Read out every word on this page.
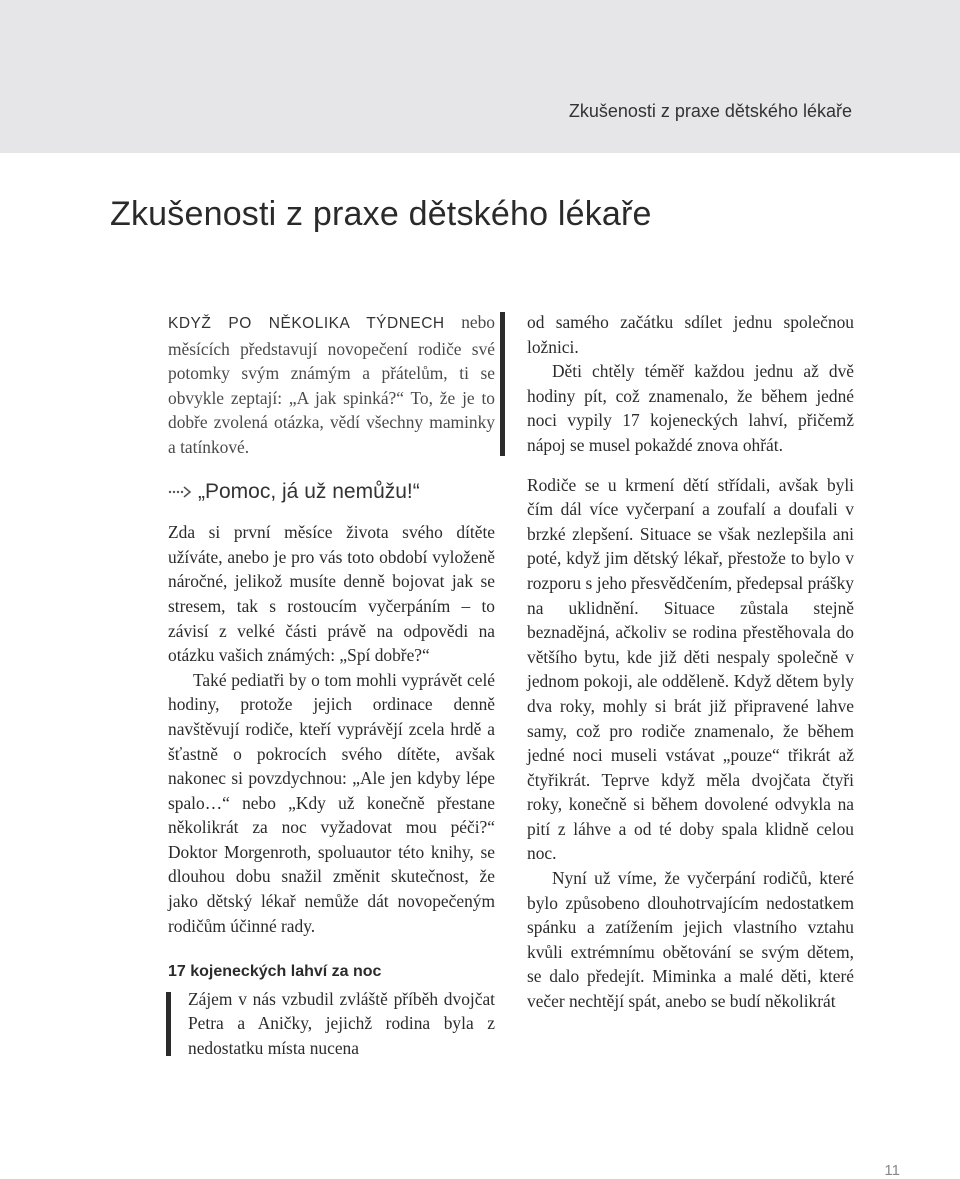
Zkušenosti z praxe dětského lékaře
Zkušenosti z praxe dětského lékaře

KDYŽ PO NĚKOLIKA TÝDNECH nebo měsících představují novopečení rodiče své potomky svým známým a přátelům, ti se obvykle zeptají: „A jak spinká?“ To, že je to dobře zvolená otázka, vědí všechny maminky a tatínkové.

„Pomoc, já už nemůžu!“

Zda si první měsíce života svého dítěte užíváte, anebo je pro vás toto období vyloženě náročné, jelikož musíte denně bojovat jak se stresem, tak s rostoucím vyčerpáním – to závisí z velké části právě na odpovědi na otázku vašich známých: „Spí dobře?“

Také pediatři by o tom mohli vyprávět celé hodiny, protože jejich ordinace denně navštěvují rodiče, kteří vyprávějí zcela hrdě a šťastně o pokrocích svého dítěte, avšak nakonec si povzdychnou: „Ale jen kdyby lépe spalo…“ nebo „Kdy už konečně přestane několikrát za noc vyžadovat mou péči?“ Doktor Morgenroth, spoluautor této knihy, se dlouhou dobu snažil změnit skutečnost, že jako dětský lékař nemůže dát novopečeným rodičům účinné rady.

17 kojeneckých lahví za noc

Zájem v nás vzbudil zvláště příběh dvojčat Petra a Aničky, jejichž rodina byla z nedostatku místa nucena

od samého začátku sdílet jednu společnou ložnici.

Děti chtěly téměř každou jednu až dvě hodiny pít, což znamenalo, že během jedné noci vypily 17 kojeneckých lahví, přičemž nápoj se musel pokaždé znova ohřát.

Rodiče se u krmení dětí střídali, avšak byli čím dál více vyčerpaní a zoufalí a doufali v brzké zlepšení. Situace se však nezlepšila ani poté, když jim dětský lékař, přestože to bylo v rozporu s jeho přesvědčením, předepsal prášky na uklidnění. Situace zůstala stejně beznadějná, ačkoliv se rodina přestěhovala do většího bytu, kde již děti nespaly společně v jednom pokoji, ale odděleně. Když dětem byly dva roky, mohly si brát již připravené lahve samy, což pro rodiče znamenalo, že během jedné noci museli vstávat „pouze“ třikrát až čtyřikrát. Teprve když měla dvojčata čtyři roky, konečně si během dovolené odvykla na pití z láhve a od té doby spala klidně celou noc.

Nyní už víme, že vyčerpání rodičů, které bylo způsobeno dlouhotrvajícím nedostatkem spánku a zatížením jejich vlastního vztahu kvůli extrémnímu obětování se svým dětem, se dalo předejít. Miminka a malé děti, které večer nechtějí spát, anebo se budí několikrát

11
